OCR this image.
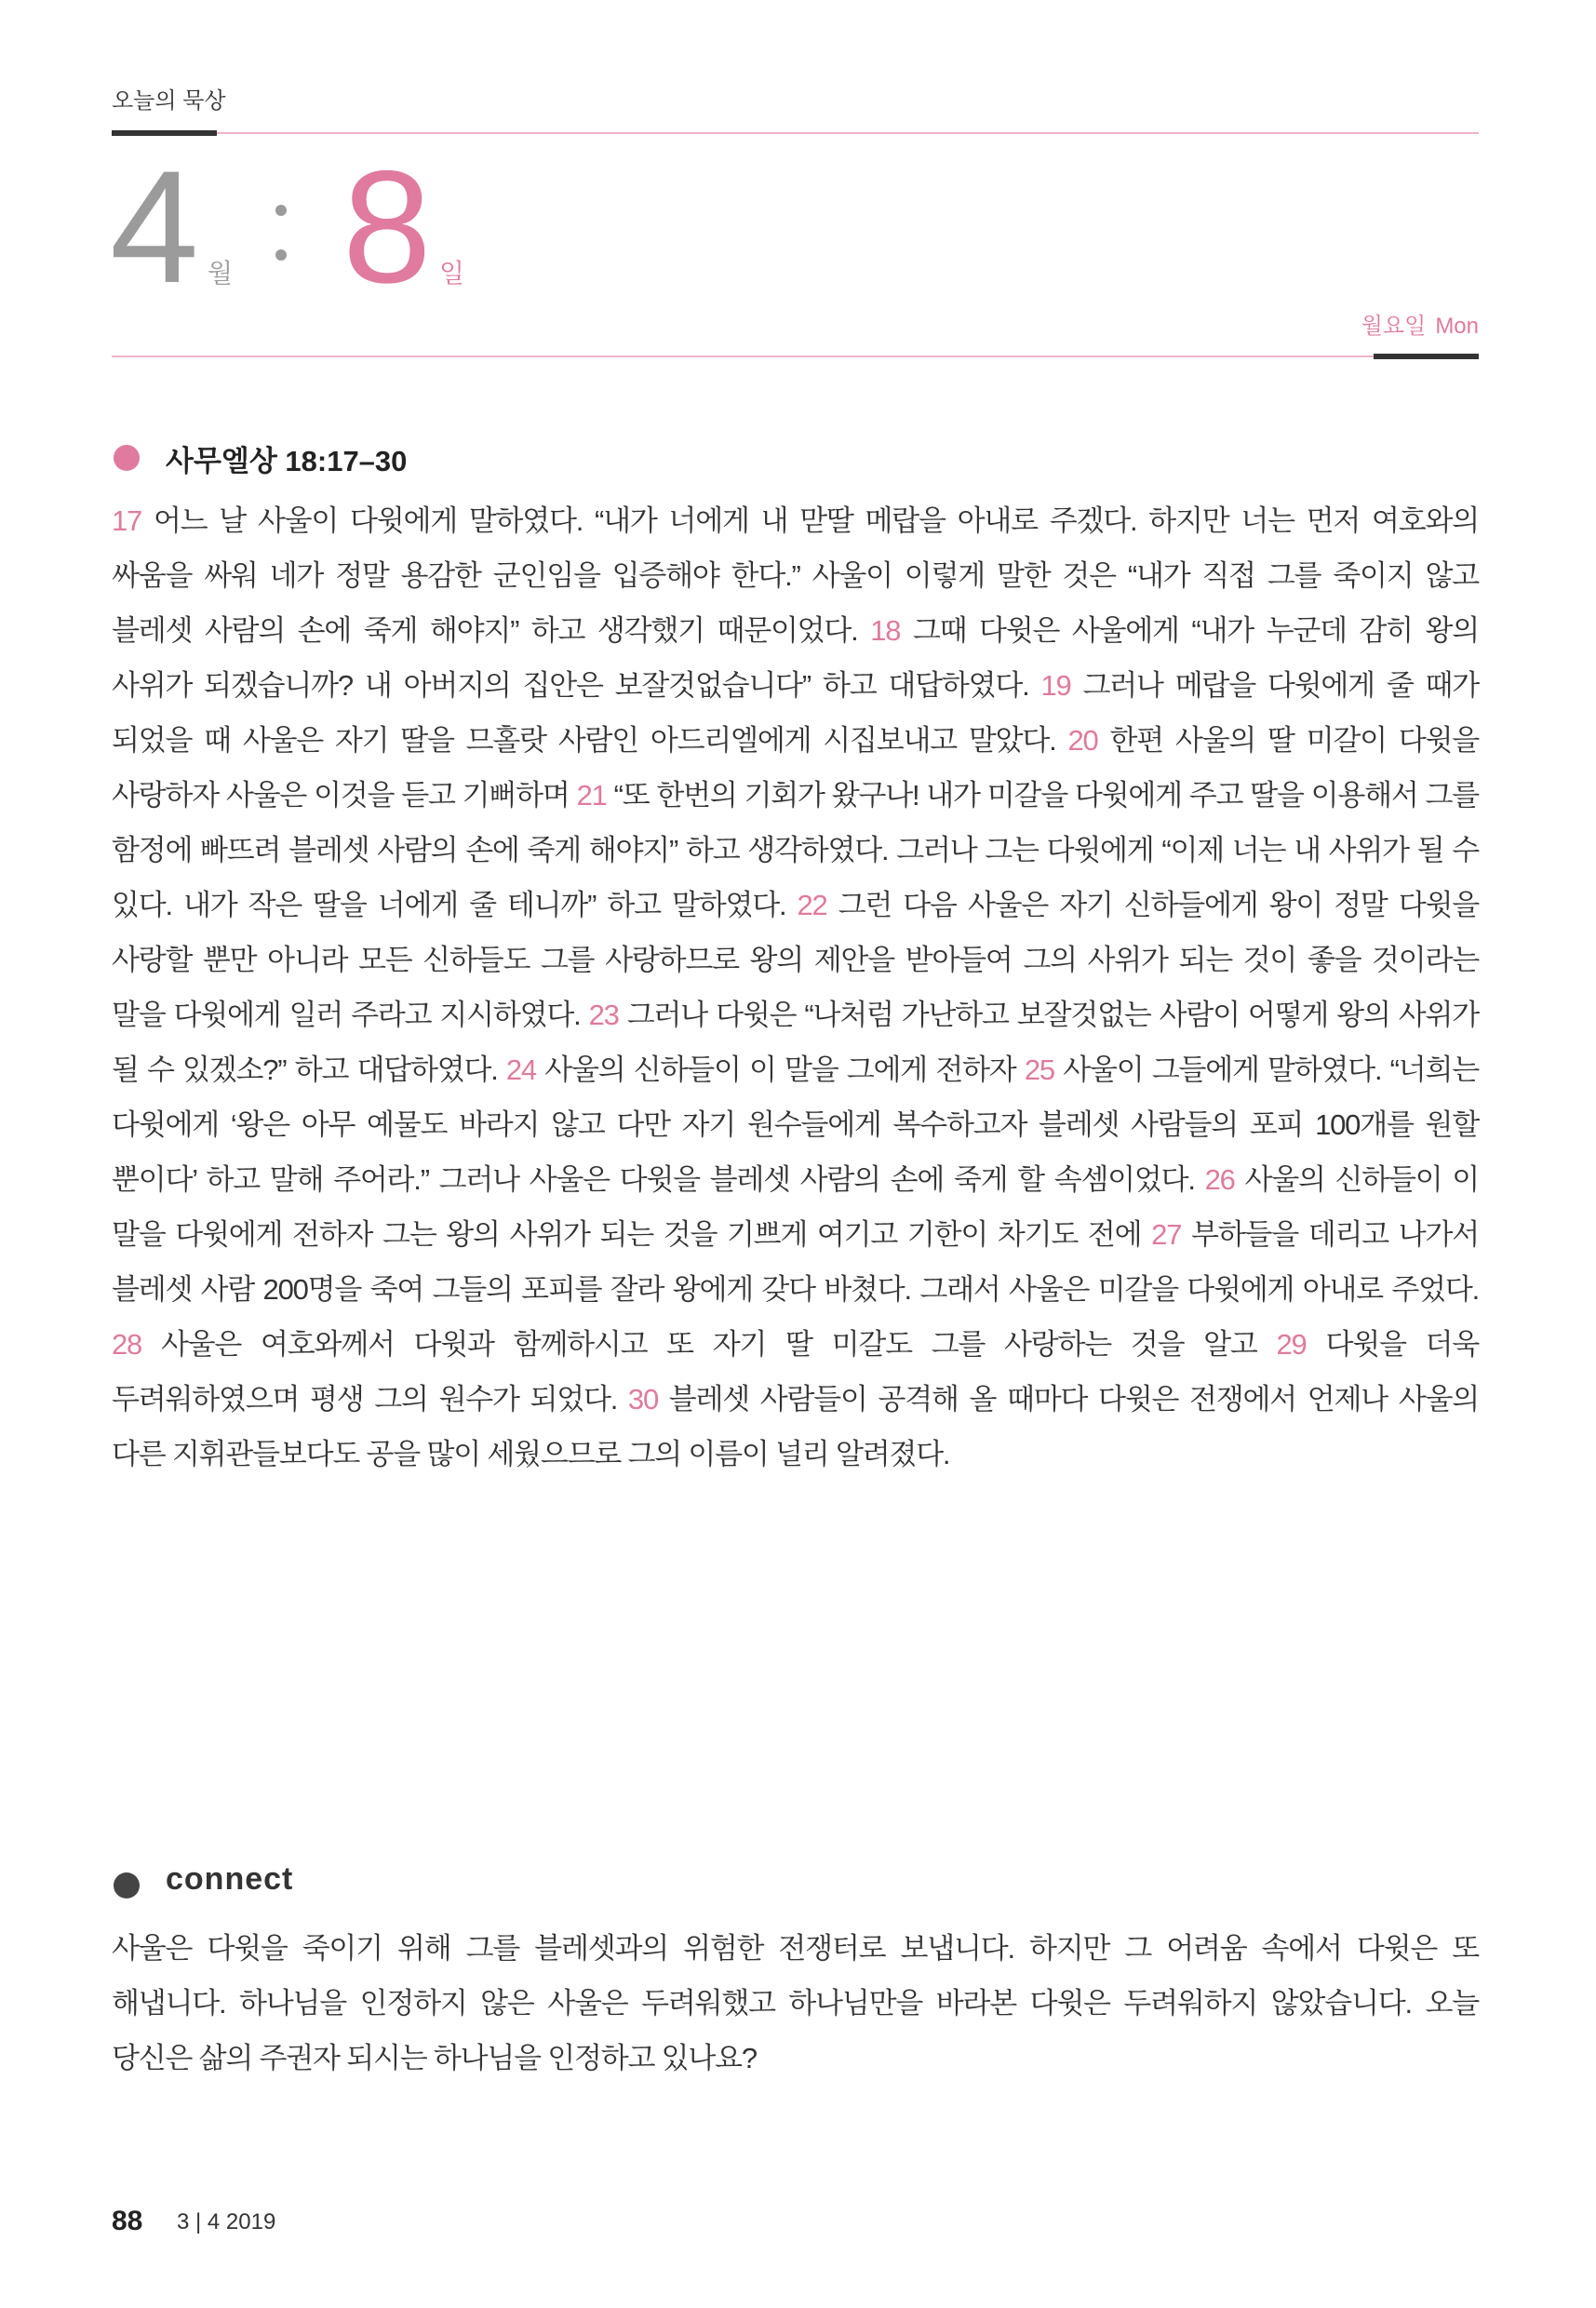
오늘의 묵상
4 월 8 일
월요일 Mon
사무엘상 18:17–30
17 어느 날 사울이 다윗에게 말하였다. “내가 너에게 내 맏딸 메랍을 아내로 주겠다. 하지만 너는 먼저 여호와의 싸움을 싸워 네가 정말 용감한 군인임을 입증해야 한다.” 사울이 이렇게 말한 것은 “내가 직접 그를 죽이지 않고 블레셋 사람의 손에 죽게 해야지” 하고 생각했기 때문이었다. 18 그때 다윗은 사울에게 “내가 누군데 감히 왕의 사위가 되겠습니까? 내 아버지의 집안은 보잘것없습니다” 하고 대답하였다. 19 그러나 메랍을 다윗에게 줄 때가 되었을 때 사울은 자기 딸을 므홀랏 사람인 아드리엘에게 시집보내고 말았다. 20 한편 사울의 딸 미갈이 다윗을 사랑하자 사울은 이것을 듣고 기뻐하며 21 “또 한번의 기회가 왔구나! 내가 미갈을 다윗에게 주고 딸을 이용해서 그를 함정에 빠뜨려 블레셋 사람의 손에 죽게 해야지” 하고 생각하였다. 그러나 그는 다윗에게 “이제 너는 내 사위가 될 수 있다. 내가 작은 딸을 너에게 줄 테니까” 하고 말하였다. 22 그런 다음 사울은 자기 신하들에게 왕이 정말 다윗을 사랑할 뿐만 아니라 모든 신하들도 그를 사랑하므로 왕의 제안을 받아들여 그의 사위가 되는 것이 좋을 것이라는 말을 다윗에게 일러 주라고 지시하였다. 23 그러나 다윗은 “나처럼 가난하고 보잘것없는 사람이 어떻게 왕의 사위가 될 수 있겠소?” 하고 대답하였다. 24 사울의 신하들이 이 말을 그에게 전하자 25 사울이 그들에게 말하였다. “너희는 다윗에게 ‘왕은 아무 예물도 바라지 않고 다만 자기 원수들에게 복수하고자 블레셋 사람들의 포피 100개를 원할 뿐이다’ 하고 말해 주어라.” 그러나 사울은 다윗을 블레셋 사람의 손에 죽게 할 속셈이었다. 26 사울의 신하들이 이 말을 다윗에게 전하자 그는 왕의 사위가 되는 것을 기쁘게 여기고 기한이 차기도 전에 27 부하들을 데리고 나가서 블레셋 사람 200명을 죽여 그들의 포피를 잘라 왕에게 갖다 바쳤다. 그래서 사울은 미갈을 다윗에게 아내로 주었다. 28 사울은 여호와께서 다윗과 함께하시고 또 자기 딸 미갈도 그를 사랑하는 것을 알고 29 다윗을 더욱 두려워하였으며 평생 그의 원수가 되었다. 30 블레셋 사람들이 공격해 올 때마다 다윗은 전쟁에서 언제나 사울의 다른 지휘관들보다도 공을 많이 세웠으므로 그의 이름이 널리 알려졌다.
connect
사울은 다윗을 죽이기 위해 그를 블레셋과의 위험한 전쟁터로 보냅니다. 하지만 그 어려움 속에서 다윗은 또 해냅니다. 하나님을 인정하지 않은 사울은 두려워했고 하나님만을 바라본 다윗은 두려워하지 않았습니다. 오늘 당신은 삶의 주권자 되시는 하나님을 인정하고 있나요?
88 3 | 4 2019
